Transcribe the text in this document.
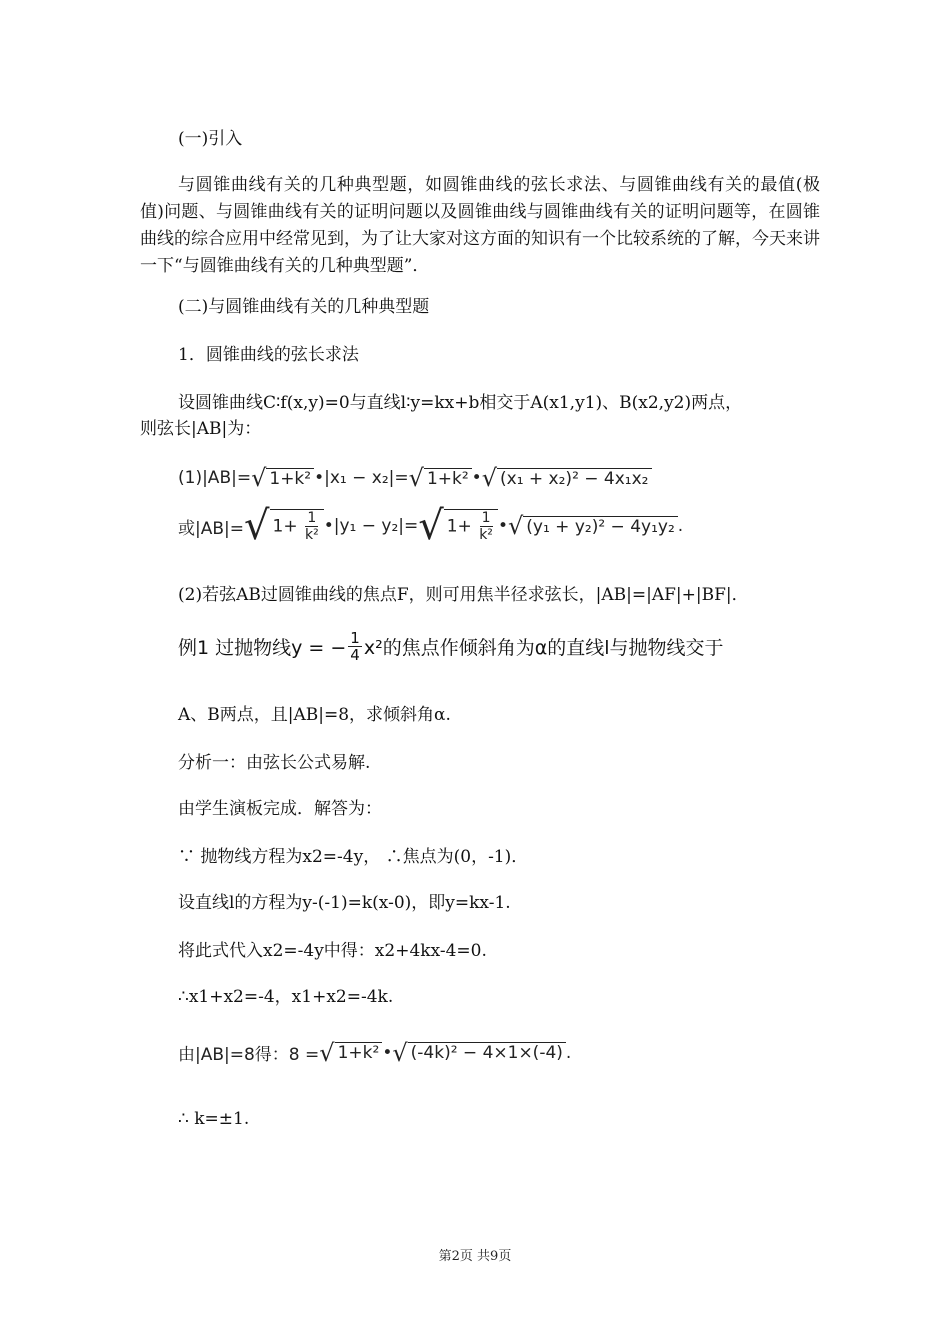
(一)引入
与圆锥曲线有关的几种典型题，如圆锥曲线的弦长求法、与圆锥曲线有关的最值(极值)问题、与圆锥曲线有关的证明问题以及圆锥曲线与圆锥曲线有关的证明问题等，在圆锥曲线的综合应用中经常见到，为了让大家对这方面的知识有一个比较系统的了解，今天来讲一下“与圆锥曲线有关的几种典型题”．
(二)与圆锥曲线有关的几种典型题
1．圆锥曲线的弦长求法
设圆锥曲线C∶f(x,y)=0与直线l∶y=kx+b相交于A(x1,y1)、B(x2,y2)两点，
则弦长|AB|为：
(1)|AB|= √ 1+k² •|x₁ − x₂|= √ 1+k² • √ (x₁ + x₂)² − 4x₁x₂
或|AB|= √ $1+ \frac{1}{\text{k²}}$ •|y₁ − y₂|= √ $1+ \frac{1}{\text{k²}}$ • √ (y₁ + y₂)² − 4y₁y₂ .
(2)若弦AB过圆锥曲线的焦点F，则可用焦半径求弦长，|AB|=|AF|+|BF|．
例1 过抛物线y = − $\frac{1}{4} x^2$的焦点作倾斜角为α的直线l与抛物线交于
A、B两点，且|AB|=8，求倾斜角α.
分析一：由弦长公式易解.
由学生演板完成．解答为：
∵ 抛物线方程为x2=-4y， ∴焦点为(0，-1)．
设直线l的方程为y-(-1)=k(x-0)，即y=kx-1.
将此式代入x2=-4y中得：x2+4kx-4=0.
∴x1+x2=-4，x1+x2=-4k.
由|AB|=8得：8 = √ 1+k² • √ (-4k)² − 4×1×(-4) .
∴ k=±1.
第2页 共9页
